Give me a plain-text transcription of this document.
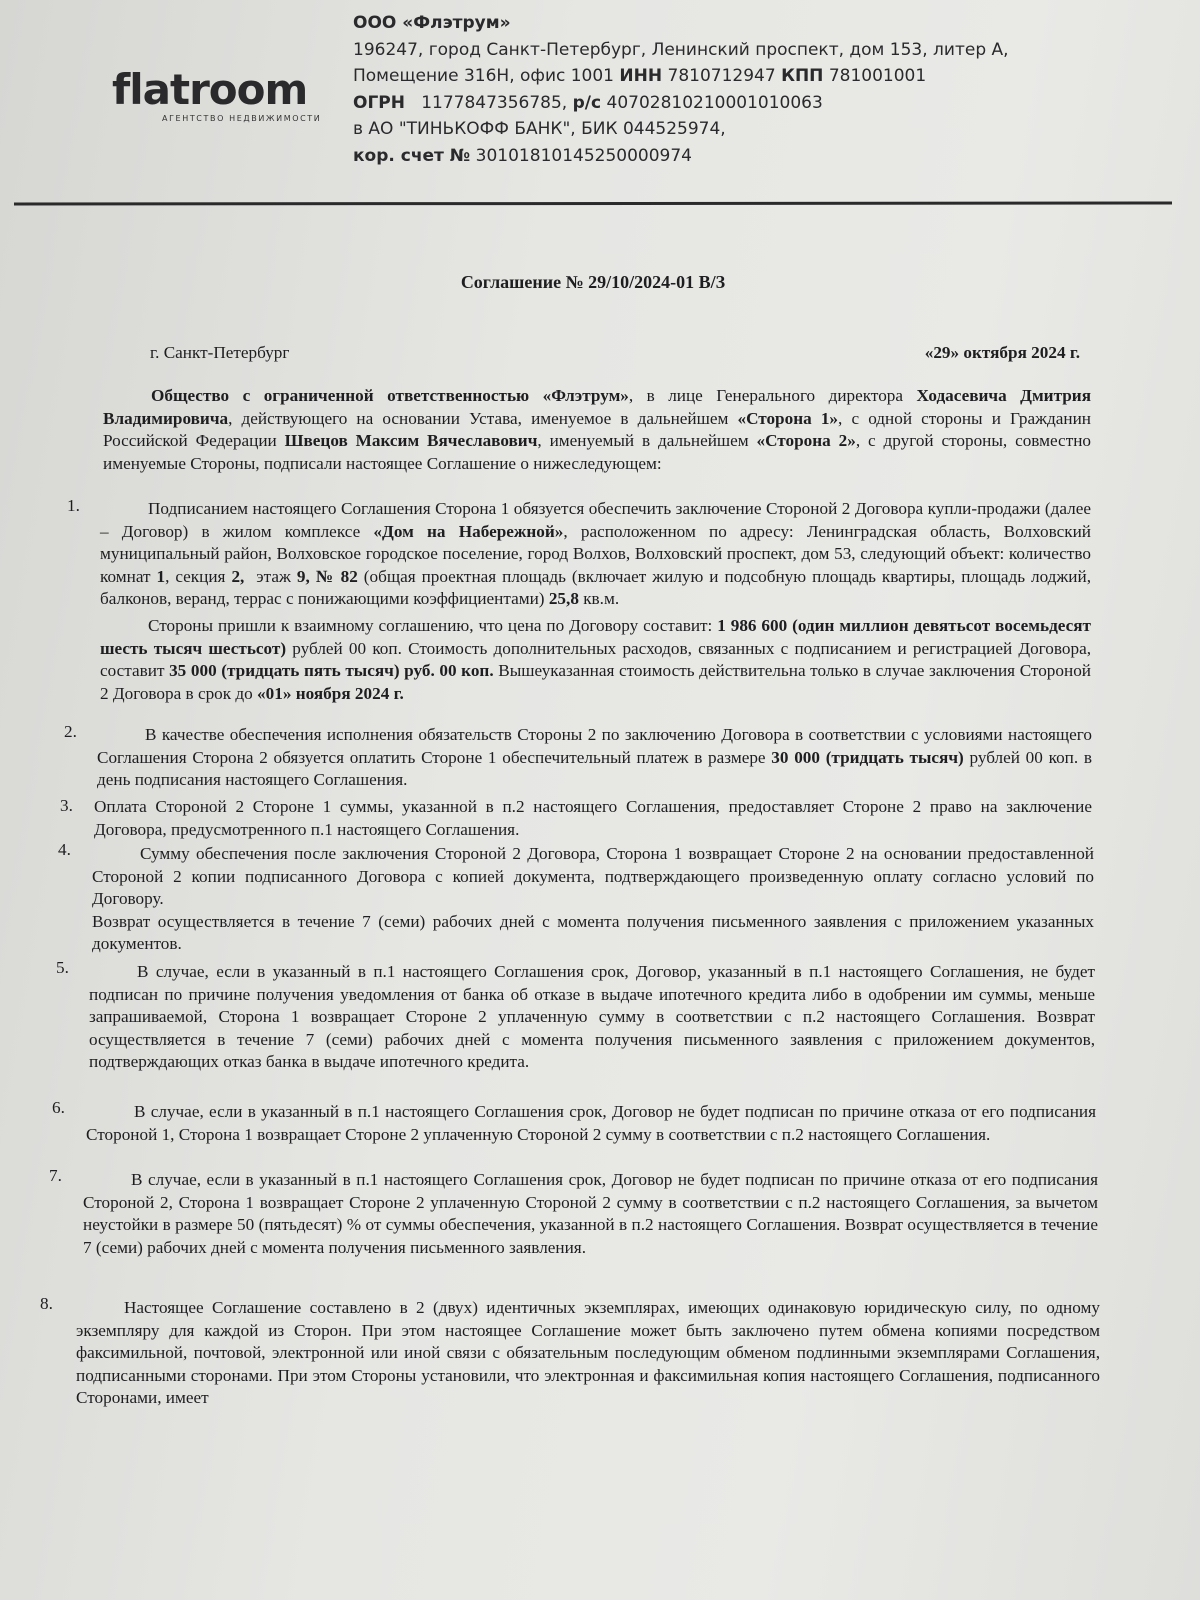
flatroom
АГЕНТСТВО НЕДВИЖИМОСТИ
ООО «Флэтрум»
196247, город Санкт-Петербург, Ленинский проспект, дом 153, литер А,
Помещение 316Н, офис 1001 ИНН 7810712947 КПП 781001001
ОГРН   1177847356785, р/с 40702810210001010063
в АО "ТИНЬКОФФ БАНК", БИК 044525974,
кор. счет № 30101810145250000974
Соглашение № 29/10/2024-01 В/З
г. Санкт-Петербург	«29» октября 2024 г.
Общество с ограниченной ответственностью «Флэтрум», в лице Генерального директора Ходасевича Дмитрия Владимировича, действующего на основании Устава, именуемое в дальнейшем «Сторона 1», с одной стороны и Гражданин Российской Федерации Швецов Максим Вячеславович, именуемый в дальнейшем «Сторона 2», с другой стороны, совместно именуемые Стороны, подписали настоящее Соглашение о нижеследующем:
1.	Подписанием настоящего Соглашения Сторона 1 обязуется обеспечить заключение Стороной 2 Договора купли-продажи (далее – Договор) в жилом комплексе «Дом на Набережной», расположенном по адресу: Ленинградская область, Волховский муниципальный район, Волховское городское поселение, город Волхов, Волховский проспект, дом 53, следующий объект: количество комнат 1, секция 2,  этаж 9, № 82 (общая проектная площадь (включает жилую и подсобную площадь квартиры, площадь лоджий, балконов, веранд, террас с понижающими коэффициентами) 25,8 кв.м.

Стороны пришли к взаимному соглашению, что цена по Договору составит: 1 986 600 (один миллион девятьсот восемьдесят шесть тысяч шестьсот) рублей 00 коп. Стоимость дополнительных расходов, связанных с подписанием и регистрацией Договора, составит 35 000 (тридцать пять тысяч) руб. 00 коп. Вышеуказанная стоимость действительна только в случае заключения Стороной 2 Договора в срок до «01» ноября 2024 г.

2.	В качестве обеспечения исполнения обязательств Стороны 2 по заключению Договора в соответствии с условиями настоящего Соглашения Сторона 2 обязуется оплатить Стороне 1 обеспечительный платеж в размере 30 000 (тридцать тысяч) рублей 00 коп. в день подписания настоящего Соглашения.
3. Оплата Стороной 2 Стороне 1 суммы, указанной в п.2 настоящего Соглашения, предоставляет Стороне 2 право на заключение Договора, предусмотренного п.1 настоящего Соглашения.
4.	Сумму обеспечения после заключения Стороной 2 Договора, Сторона 1 возвращает Стороне 2 на основании предоставленной Стороной 2 копии подписанного Договора с копией документа, подтверждающего произведенную оплату согласно условий по Договору.

Возврат осуществляется в течение 7 (семи) рабочих дней с момента получения письменного заявления с приложением указанных документов.

5.	В случае, если в указанный в п.1 настоящего Соглашения срок, Договор, указанный в п.1 настоящего Соглашения, не будет подписан по причине получения уведомления от банка об отказе в выдаче ипотечного кредита либо в одобрении им суммы, меньше запрашиваемой, Сторона 1 возвращает Стороне 2 уплаченную сумму в соответствии с п.2 настоящего Соглашения. Возврат осуществляется в течение 7 (семи) рабочих дней с момента получения письменного заявления с приложением документов, подтверждающих отказ банка в выдаче ипотечного кредита.
6.	В случае, если в указанный в п.1 настоящего Соглашения срок, Договор не будет подписан по причине отказа от его подписания Стороной 1, Сторона 1 возвращает Стороне 2 уплаченную Стороной 2 сумму в соответствии с п.2 настоящего Соглашения.
7.	В случае, если в указанный в п.1 настоящего Соглашения срок, Договор не будет подписан по причине отказа от его подписания Стороной 2, Сторона 1 возвращает Стороне 2 уплаченную Стороной 2 сумму в соответствии с п.2 настоящего Соглашения, за вычетом неустойки в размере 50 (пятьдесят) % от суммы обеспечения, указанной в п.2 настоящего Соглашения. Возврат осуществляется в течение 7 (семи) рабочих дней с момента получения письменного заявления.
8.	Настоящее Соглашение составлено в 2 (двух) идентичных экземплярах, имеющих одинаковую юридическую силу, по одному экземпляру для каждой из Сторон. При этом настоящее Соглашение может быть заключено путем обмена копиями посредством факсимильной, почтовой, электронной или иной связи с обязательным последующим обменом подлинными экземплярами Соглашения, подписанными сторонами. При этом Стороны установили, что электронная и факсимильная копия настоящего Соглашения, подписанного Сторонами, имеет
